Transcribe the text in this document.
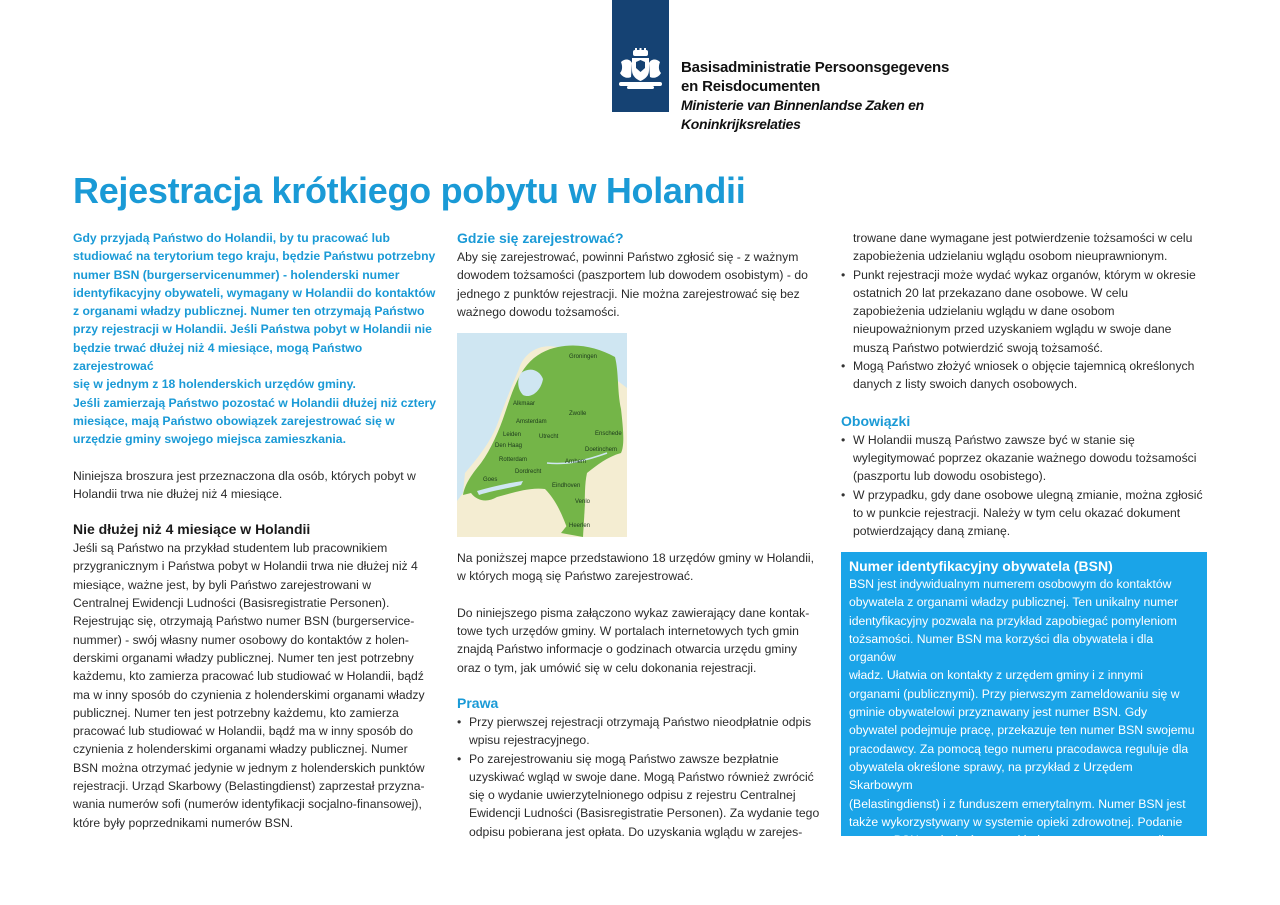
Basisadministratie Persoonsgegevens
en Reisdocumenten
Ministerie van Binnenlandse Zaken en
Koninkrijksrelaties
Rejestracja krótkiego pobytu w Holandii

Gdy przyjadą Państwo do Holandii, by tu pracować lub
studiować na terytorium tego kraju, będzie Państwu potrzebny
numer BSN (burgerservicenummer) - holenderski numer
identyfikacyjny obywateli, wymagany w Holandii do kontaktów
z organami władzy publicznej. Numer ten otrzymają Państwo
przy rejestracji w Holandii. Jeśli Państwa pobyt w Holandii nie
będzie trwać dłużej niż 4 miesiące, mogą Państwo zarejestrować
się w jednym z 18 holenderskich urzędów gminy.
Jeśli zamierzają Państwo pozostać w Holandii dłużej niż cztery
miesiące, mają Państwo obowiązek zarejestrować się w
urzędzie gminy swojego miejsca zamieszkania.

Niniejsza broszura jest przeznaczona dla osób, których pobyt w
Holandii trwa nie dłużej niż 4 miesiące.

Nie dłużej niż 4 miesiące w Holandii

Jeśli są Państwo na przykład studentem lub pracownikiem
przygranicznym i Państwa pobyt w Holandii trwa nie dłużej niż 4
miesiące, ważne jest, by byli Państwo zarejestrowani w
Centralnej Ewidencji Ludności (Basisregistratie Personen).
Rejestrując się, otrzymają Państwo numer BSN (burgerservice-
nummer) - swój własny numer osobowy do kontaktów z holen-
derskimi organami władzy publicznej. Numer ten jest potrzebny
każdemu, kto zamierza pracować lub studiować w Holandii, bądź
ma w inny sposób do czynienia z holenderskimi organami władzy
publicznej. Numer ten jest potrzebny każdemu, kto zamierza
pracować lub studiować w Holandii, bądź ma w inny sposób do
czynienia z holenderskimi organami władzy publicznej. Numer
BSN można otrzymać jedynie w jednym z holenderskich punktów
rejestracji. Urząd Skarbowy (Belastingdienst) zaprzestał przyzna-
wania numerów sofi (numerów identyfikacji socjalno-finansowej),
które były poprzednikami numerów BSN.

Gdzie się zarejestrować?

Aby się zarejestrować, powinni Państwo zgłosić się - z ważnym
dowodem tożsamości (paszportem lub dowodem osobistym) - do
jednego z punktów rejestracji. Nie można zarejestrować się bez
ważnego dowodu tożsamości.

Groningen
Alkmaar
Amsterdam
Zwolle
Leiden	Utrecht	Enschede
Den Haag
Doetinchem
Rotterdam	Arnhem
Dordrecht
Goes
Eindhoven
Venlo
Heerlen

Na poniższej mapce przedstawiono 18 urzędów gminy w Holandii,
w których mogą się Państwo zarejestrować.

Do niniejszego pisma załączono wykaz zawierający dane kontak-
towe tych urzędów gminy. W portalach internetowych tych gmin
znajdą Państwo informacje o godzinach otwarcia urzędu gminy
oraz o tym, jak umówić się w celu dokonania rejestracji.

Prawa
• Przy pierwszej rejestracji otrzymają Państwo nieodpłatnie odpis
wpisu rejestracyjnego.
• Po zarejestrowaniu się mogą Państwo zawsze bezpłatnie
uzyskiwać wgląd w swoje dane. Mogą Państwo również zwrócić
się o wydanie uwierzytelnionego odpisu z rejestru Centralnej
Ewidencji Ludności (Basisregistratie Personen). Za wydanie tego
odpisu pobierana jest opłata. Do uzyskania wglądu w zarejes-

trowane dane wymagane jest potwierdzenie tożsamości w celu
zapobieżenia udzielaniu wglądu osobom nieuprawnionym.

• Punkt rejestracji może wydać wykaz organów, którym w okresie
ostatnich 20 lat przekazano dane osobowe. W celu
zapobieżenia udzielaniu wglądu w dane osobom
nieupoważnionym przed uzyskaniem wglądu w swoje dane
muszą Państwo potwierdzić swoją tożsamość.
• Mogą Państwo złożyć wniosek o objęcie tajemnicą określonych
danych z listy swoich danych osobowych.
Obowiązki
• W Holandii muszą Państwo zawsze być w stanie się
wylegitymować poprzez okazanie ważnego dowodu tożsamości
(paszportu lub dowodu osobistego).
• W przypadku, gdy dane osobowe ulegną zmianie, można zgłosić
to w punkcie rejestracji. Należy w tym celu okazać dokument
potwierdzający daną zmianę.
Numer identyfikacyjny obywatela (BSN)

BSN jest indywidualnym numerem osobowym do kontaktów
obywatela z organami władzy publicznej. Ten unikalny numer
identyfikacyjny pozwala na przykład zapobiegać pomyleniom
tożsamości. Numer BSN ma korzyści dla obywatela i dla organów
władz. Ułatwia on kontakty z urzędem gminy i z innymi
organami (publicznymi). Przy pierwszym zameldowaniu się w
gminie obywatelowi przyznawany jest numer BSN. Gdy
obywatel podejmuje pracę, przekazuje ten numer BSN swojemu
pracodawcy. Za pomocą tego numeru pracodawca reguluje dla
obywatela określone sprawy, na przykład z Urzędem Skarbowym
(Belastingdienst) i z funduszem emerytalnym. Numer BSN jest
także wykorzystywany w systemie opieki zdrowotnej. Podanie
numeru BSN może być na przykład wymagane w przypadku
wizyty u lekarza domowego, w szpitalu lub w aptece.
